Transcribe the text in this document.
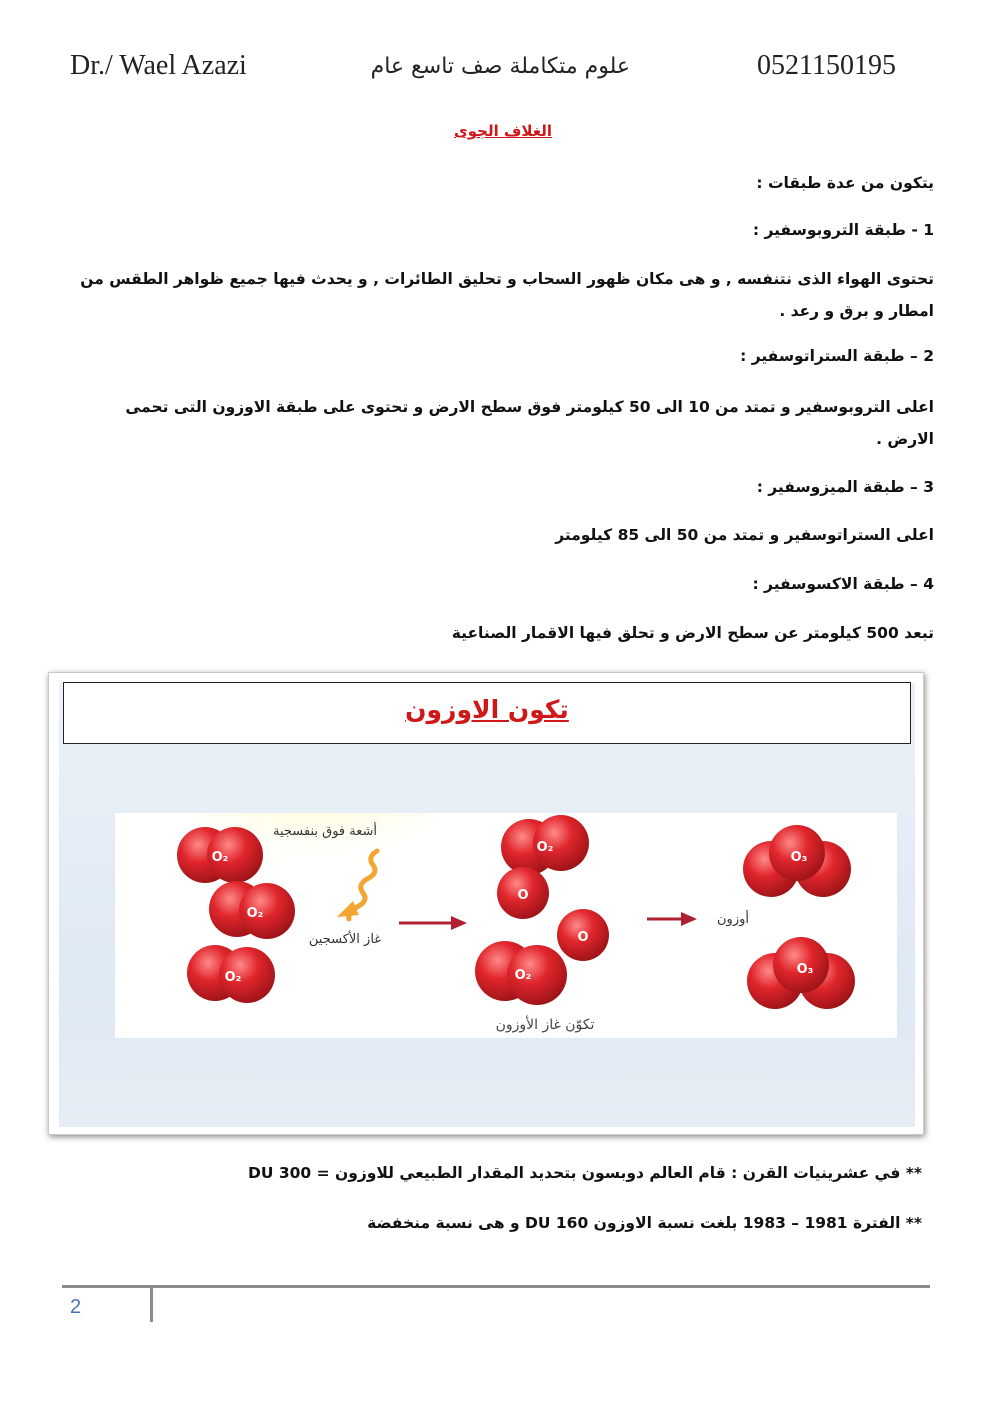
Dr./ Wael Azazi	علوم متكاملة صف تاسع عام	0521150195
الغلاف الجوى
يتكون من عدة طبقات :
1 - طبقة التروبوسفير :
تحتوى الهواء الذى نتنفسه , و هى مكان ظهور السحاب و تحليق الطائرات , و يحدث فيها جميع ظواهر الطقس من امطار و برق و رعد .
2 – طبقة الستراتوسفير :
اعلى التروبوسفير و تمتد من 10 الى 50 كيلومتر فوق سطح الارض و تحتوى على طبقة الاوزون التى تحمى الارض .
3 – طبقة الميزوسفير :
اعلى الستراتوسفير و تمتد من 50 الى 85 كيلومتر
4 – طبقة الاكسوسفير :
تبعد 500 كيلومتر عن سطح الارض و تحلق فيها الاقمار الصناعية
تكون الاوزون
أشعة فوق بنفسجية
O₂
O₂
O₂
غاز الأكسجين
O₂
O
O
O₂
أوزون
O₃
O₃
تكوّن غاز الأوزون
** في عشرينيات القرن : قام العالم دوبسون بتحديد المقدار الطبيعي للاوزون = 300 DU
** الفترة 1981 – 1983 بلغت نسبة الاوزون 160 DU و هى نسبة منخفضة
2
